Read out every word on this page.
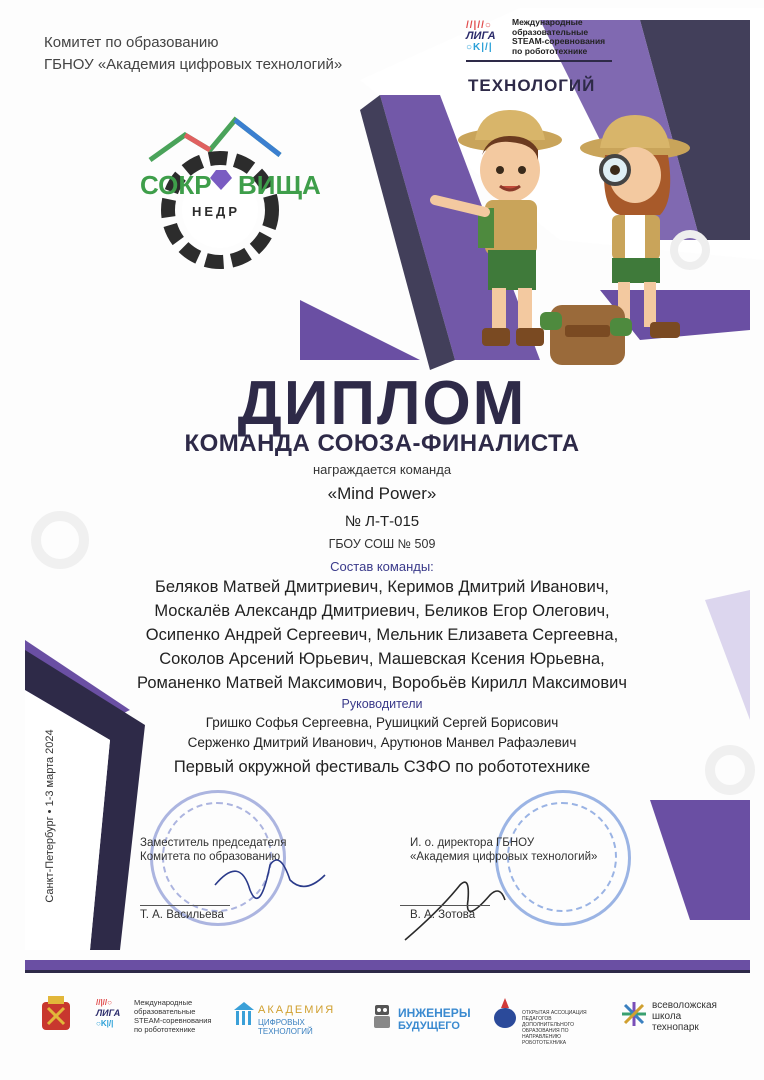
Комитет по образованию
ГБНОУ «Академия цифровых технологий»
СОКР ВИЩА
НЕДР
//|//○
ЛИГА
○K|/|
Международные образовательные STEAM-соревнования по робототехнике
ТЕХНОЛОГИЙ
ДИПЛОМ
КОМАНДА СОЮЗА-ФИНАЛИСТА
награждается команда
«Mind Power»
№ Л-Т-015
ГБОУ СОШ № 509
Состав команды:
Беляков Матвей Дмитриевич, Керимов Дмитрий Иванович,
Москалёв Александр Дмитриевич, Беликов Егор Олегович,
Осипенко Андрей Сергеевич, Мельник Елизавета Сергеевна,
Соколов Арсений Юрьевич, Машевская Ксения Юрьевна,
Романенко Матвей Максимович, Воробьёв Кирилл Максимович
Руководители
Гришко Софья Сергеевна, Рушицкий Сергей Борисович
Серженко Дмитрий Иванович, Арутюнов Манвел Рафаэлевич
Первый окружной фестиваль СЗФО по робототехнике
Санкт-Петербург • 1-3 марта 2024	Заместитель председателя
Комитета по образованию
Т. А. Васильева
И. о. директора ГБНОУ
«Академия цифровых технологий»
В. А. Зотова
//|//○
ЛИГА
○K|/|
Международные образовательные STEAM-соревнования по робототехнике
АКАДЕМИЯ
ЦИФРОВЫХ ТЕХНОЛОГИЙ
ИНЖЕНЕРЫ
БУДУЩЕГО
ОТКРЫТАЯ АССОЦИАЦИЯ ПЕДАГОГОВ ДОПОЛНИТЕЛЬНОГО ОБРАЗОВАНИЯ ПО НАПРАВЛЕНИЮ РОБОТОТЕХНИКА
всеволожская
школа
технопарк
